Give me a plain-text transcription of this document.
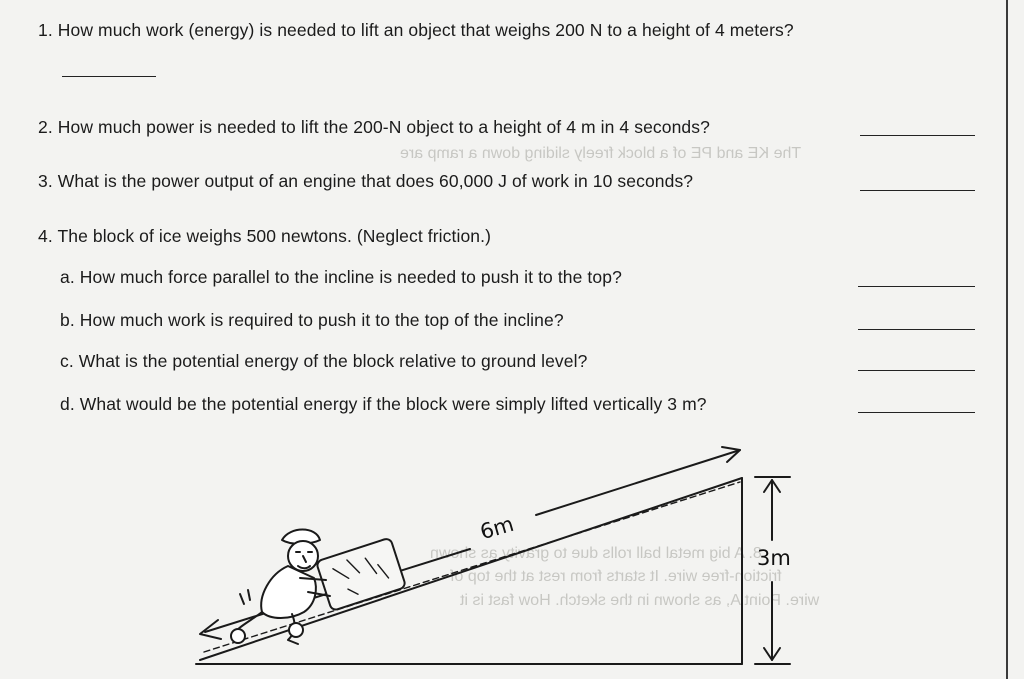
The KE and PE of a block freely sliding down a ramp are
8. A big metal ball rolls due to gravity as shown
friction-free wire. It starts from rest at the top of
wire. Point A, as shown in the sketch. How fast is it
1. How much work (energy) is needed to lift an object that weighs 200 N to a height of 4 meters?
2. How much power is needed to lift the 200-N object to a height of 4 m in 4 seconds?
3. What is the power output of an engine that does 60,000 J of work in 10 seconds?
4. The block of ice weighs 500 newtons. (Neglect friction.)
a. How much force parallel to the incline is needed to push it to the top?
b. How much work is required to push it to the top of the incline?
c. What is the potential energy of the block relative to ground level?
d. What would be the potential energy if the block were simply lifted vertically 3 m?
6m
3m
